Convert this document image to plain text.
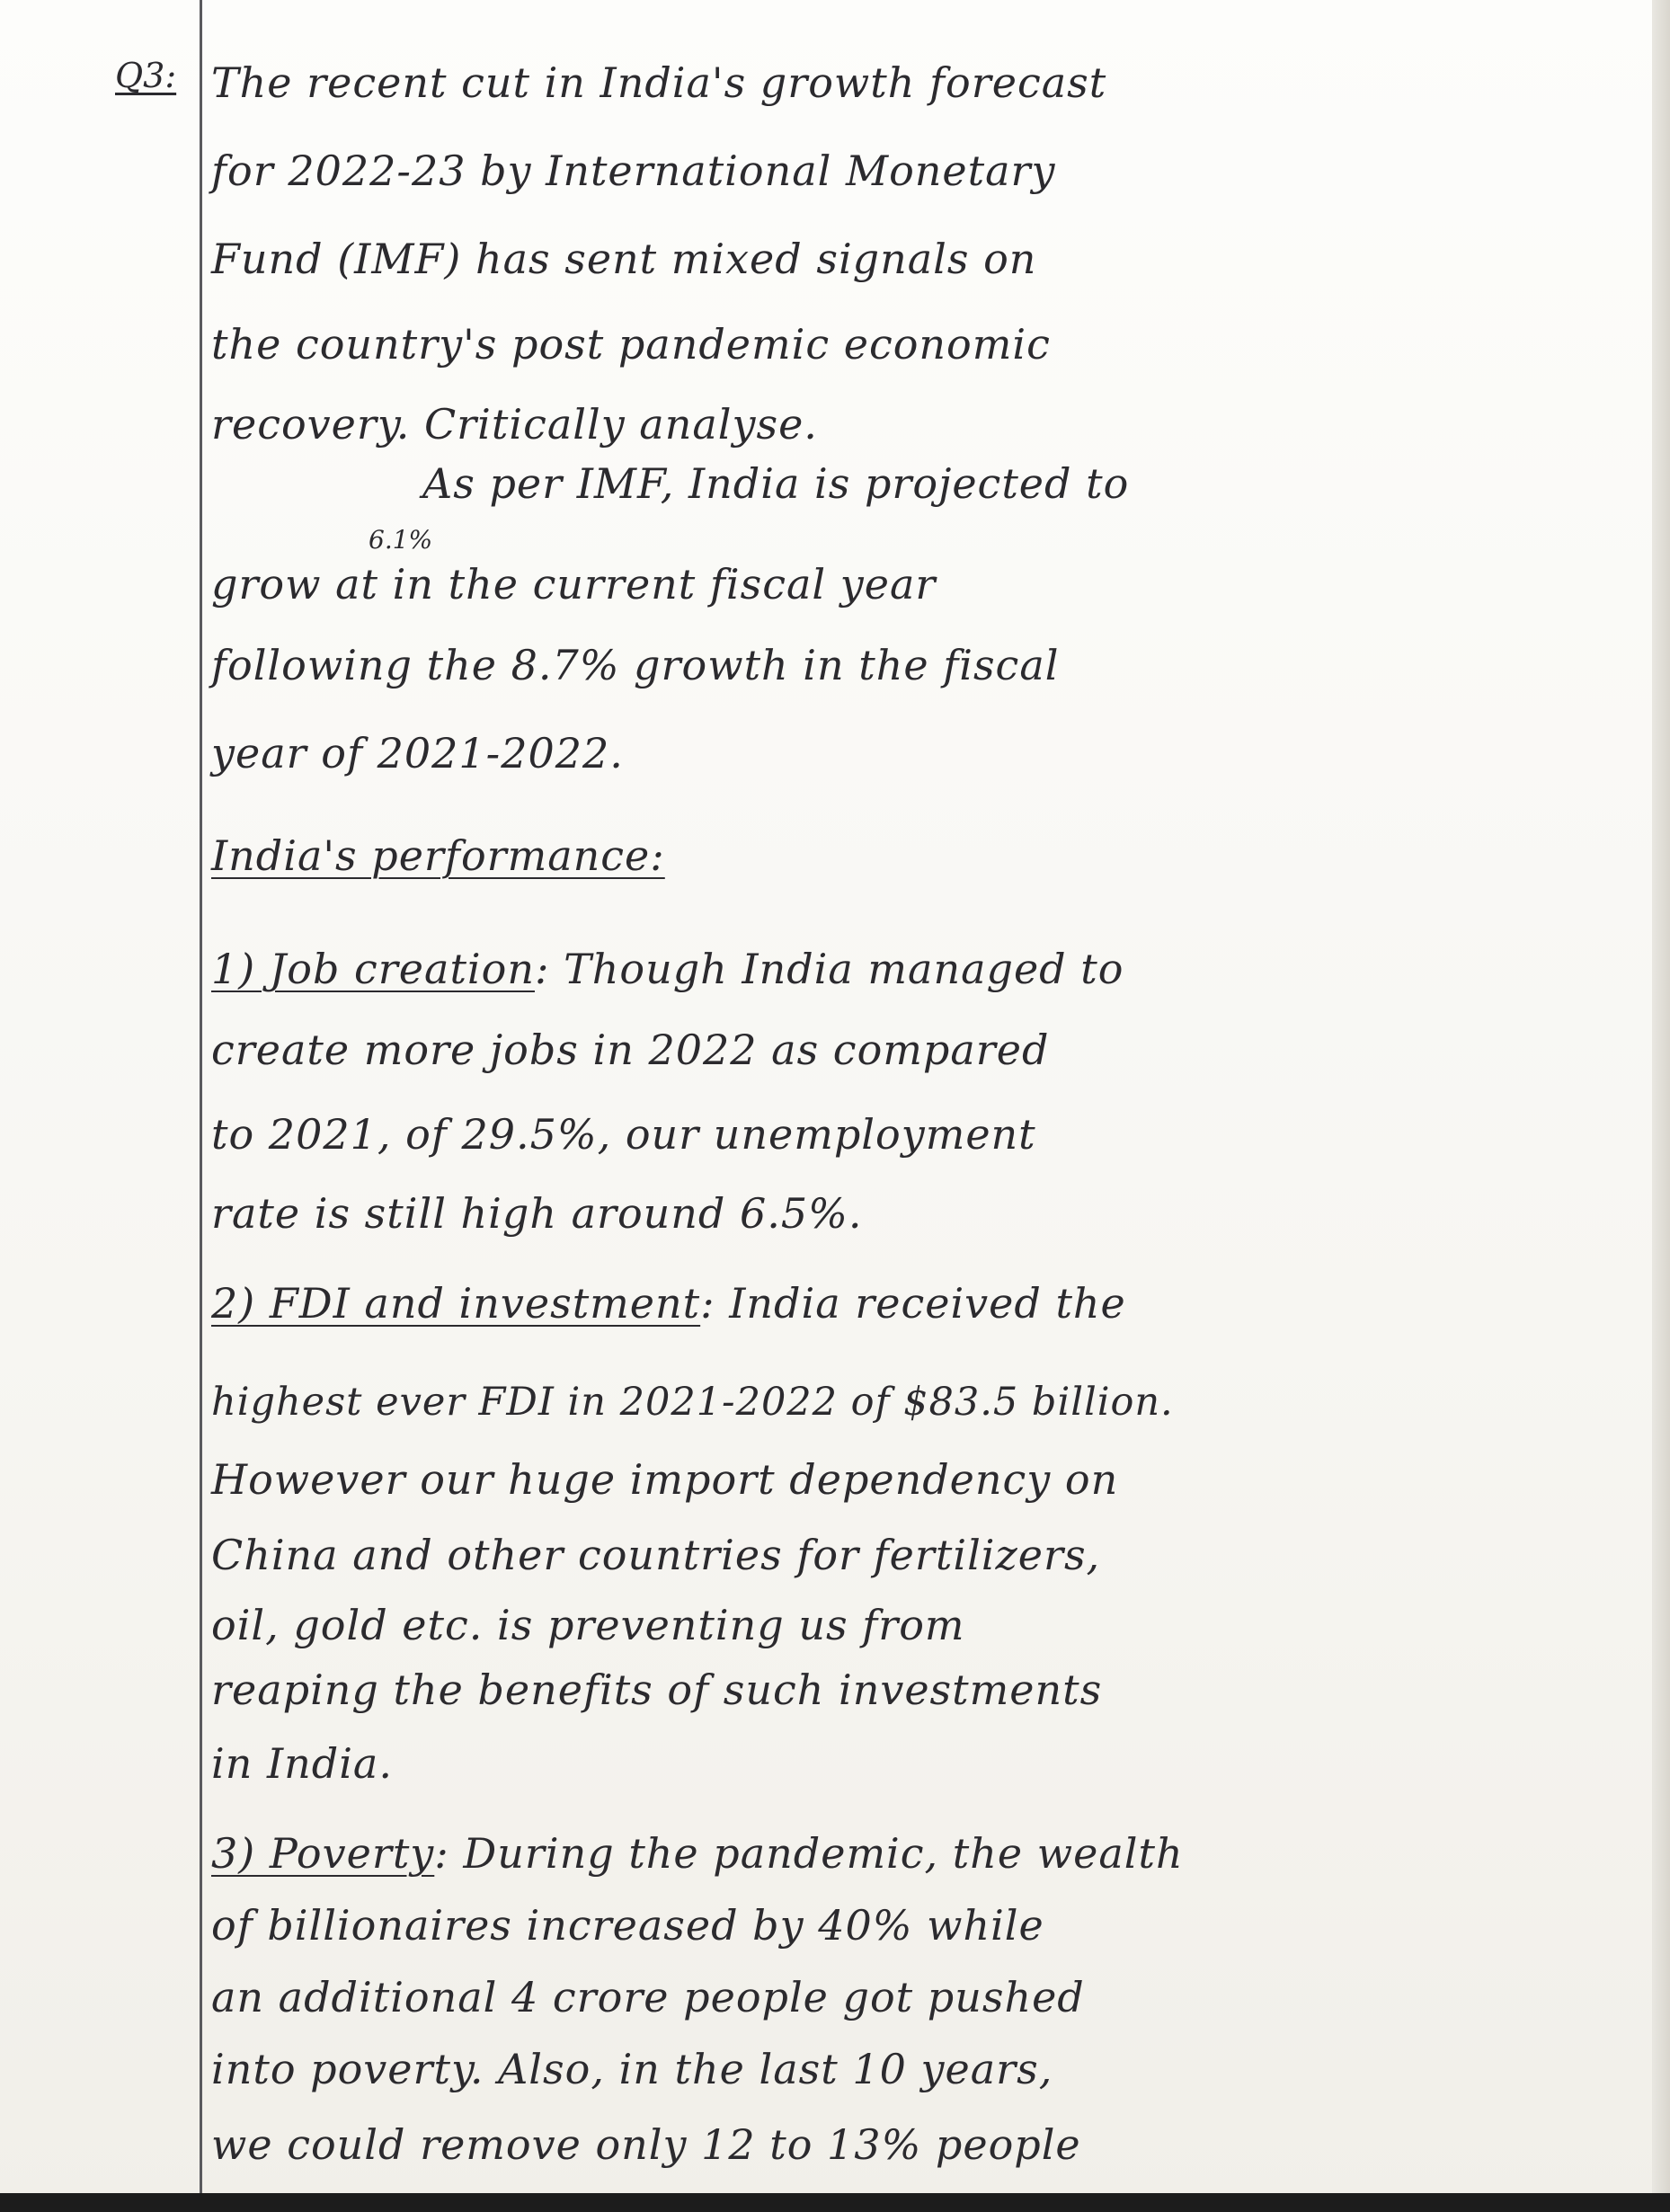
Q3: The recent cut in India's growth forecast
for 2022-23 by International Monetary
Fund (IMF) has sent mixed signals on
the country's post pandemic economic
recovery. Critically analyse.
As per IMF, India is projected to
6.1%
grow at in the current fiscal year
following the 8.7% growth in the fiscal
year of 2021-2022.
India's performance:
1) Job creation: Though India managed to
create more jobs in 2022 as compared
to 2021, of 29.5%, our unemployment
rate is still high around 6.5%.
2) FDI and investment: India received the
highest ever FDI in 2021-2022 of $83.5 billion.
However our huge import dependency on
China and other countries for fertilizers,
oil, gold etc. is preventing us from
reaping the benefits of such investments
in India.
3) Poverty: During the pandemic, the wealth
of billionaires increased by 40% while
an additional 4 crore people got pushed
into poverty. Also, in the last 10 years,
we could remove only 12 to 13% people
